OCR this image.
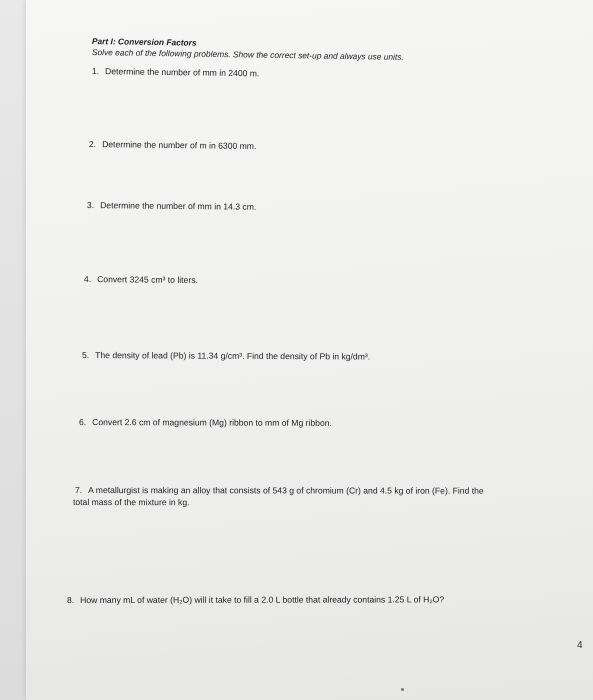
Part I: Conversion Factors
Solve each of the following problems. Show the correct set-up and always use units.
1. Determine the number of mm in 2400 m.
2. Determine the number of m in 6300 mm.
3. Determine the number of mm in 14.3 cm.
4. Convert 3245 cm³ to liters.
5. The density of lead (Pb) is 11.34 g/cm³. Find the density of Pb in kg/dm³.
6. Convert 2.6 cm of magnesium (Mg) ribbon to mm of Mg ribbon.
7. A metallurgist is making an alloy that consists of 543 g of chromium (Cr) and 4.5 kg of iron (Fe). Find the
total mass of the mixture in kg.
8. How many mL of water (H₂O) will it take to fill a 2.0 L bottle that already contains 1.25 L of H₂O?
4
